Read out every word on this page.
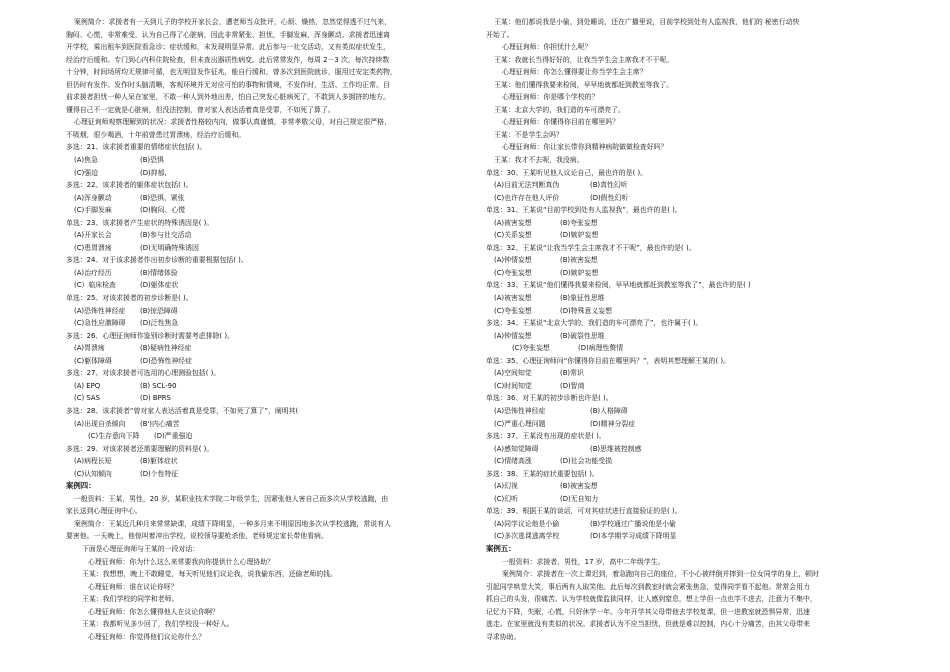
案例简介：求援者有一天到儿子的学校开家长会，遭老师当众批评，心烦、燥热，忽然觉得透不过气来，
胸闷、心慌，非常难受，认为自己得了心脏病，因此非常紧张、担忧，手脚发麻，浑身颤动。求援者迅速离
开学校，乘出租车到医院看急诊；症状缓和，未发现明显异常。此后参与一社交活动，又有类似症状发生，
经治疗后缓和。专门到心内科住院检查，但未查出器质性病变。此后常常发作，每周 2－3 次，每次持续数
十分钟，时间场所均无规律可循，也无明显发作征兆，能自行缓和，曾多次到医院就诊，服用过安定类药物，
但仍时有发作。发作时头脑清晰，客观环境并无对应可怕的事物和情境，不发作时，生活、工作均正常。目
前求援者担忧一种人呆在家里，不敢一种人到外地出差，怕自己突发心脏病死了，不敢到人多拥挤的地方。
懂得自己不一定就是心脏病，但没法控制，曾对家人表达活着真是受罪，不如死了算了。
心理征询师观察理解到的状况：求援者性格较内向，做事认真谨慎，非常孝敬父母，对自己规定很严格，
不吸烟，很少喝酒，十年前曾患过胃溃疡，经治疗后缓和。
多选：21、该求援者重要的情绪症状包括( )。
(A)焦急	(B)恐惧
(C)强迫	(D)抑郁,
多选：22、该求援者的躯体症状包括( )。
(A)浑身颤动	(B)恐惧、紧张
(C)手脚发麻	(D)胸闷、心慌
单选：23、该求援者产生症状的特殊诱因是( )。
(A)开家长会	(B)参与社交活动
(C)患胃溃疡	(D)无明确特殊诱因
多选：24、对于该求援者作出初步诊断的重要根据包括( )。
(A)治疗经历	(B)情绪体验
(C）临床检查	(D)躯体症状
单选：25、对该求援者的初步诊断是( )。
(A)恐怖性神经症 (B)惊恐障碍
(C)急性应激障碍 (D)泛性焦急
多选：26、心理征询师作鉴别诊断时需要考虑排除( )。
(A)胃溃疡	(B)疑病性神经症
(C)躯体障碍	(D)恐怖性神经症
多选：27、对该求援者可选用的心理测验包括( )。
(A) EPQ	(B) SCL-90
(C) SAS	(D) BPRS
多选：28、该求援者“曾对家人表达活着真是受罪，不如死了算了”，阐明其(
(A)出现自杀倾向 (B')内心痛苦
(C)生存意向下降 (D)严重强迫
多选：29、对该求援者还需要理解的资料是( )。
(A)病程长短	(B)躯体症状
(C)认知倾向	(D)个性特征
案例四：
一般资料：王某，男性，20 岁，某职业技术学院二年级学生，因紧张他人害自己而多次从学校逃跑，由
家长送到心理征询中心。
案例简介：王某近几种月来常常缺课，成绩下降明显，一种多月来不明原因地多次从学校逃跑，常说有人
要害他。一天晚上，他惊叫着冲出学校，说校领导要枪杀他，老师规定家长带他看病。
下面是心理征询师与王某的一段对话：
心理征询师：你为什么这么来常要我向你提供什么心理协助？
王某：我想想，晚上不敢睡觉，每天听见他们议论我，说我偷东西，还偷老师的钱。
心理征询师：谁在议论你呀？
王某：我们学校的同学和老师。
心理征询师：你怎么懂得他人在议论你啊？
王某：我都听见多少回了，我们学校没一种好人。
心理征询师：你觉得他们议论你什么？
王某：他们都说我是小偷，到处睡说，还在广播里说，目前学校到处有人监视我，他们的 秘密行动快
开始了。
心理征询师：你担忧什么呢？
王某：我就长当得好好的，让我当学生会主席我才不干呢。
心理征询师：你怎么懂得要让你当学生会主席？
王某：他们懂得我要来检阅，早早地就都赶到教室等我了。
心理征询师：你是哪个学校的？
王某：北京大学的，我们造的车可漂亮了。
心理征询师：你懂得你目前在哪里吗？
王某：不是学生会吗？
心理征询师：你让家长带你到精神病院做做检查好吗？
王某：我才不去呢，我没病。
单选：30、王某听见他人议论自己，最也许的是( )。
(A)目前无法判断真伪	(B)真性幻听
(C)也许存在他人评价	(D)假性幻听
单选：31、王某说“目前学校到处有人监视我”，最也许的是( )。
(A)被害妄想	(B)夸张妄想
(C)关系妄想	(D)嫉妒妄想
单选：32、王某说“让我当学生会主席我才不干呢”，最也许的是( )。
(A)钟情妄想	(B)被害妄想
(C)夸张妄想	(D)嫉妒妄想
单选：33、王某说“他们懂得我要来检阅，早早地就都赶到教室等我了”，最也许的是( )
(A)被害妄想	(B)象征性思维
(C)夸张妄想	(D)特殊意义妄想
多选：34、王某说“北京大学的，我们造的车可漂亮了”，也许属于( )。
(A)钟情妄想	(B)破裂性思维
(C)夸张妄想	(D)病理性赘情
单选：35、心理征询师问“你懂得你目前在哪里吗？”，表明其想理解王某的( )。
(A)空间知觉	(B)常识
(C)时间知觉	(D)智商
单选：36、对王某的初步诊断也许是( )。
(A)恐怖性神经症	(B)人格障碍
(C)严重心理问题	(D)精神分裂症
多选：37、王某没有出现的症状是( )。
(A)感知觉障碍	(B)思维被控制感
(C)情绪高涨	(D)社会功能受损
多选：38、王某的症状重要包括( )。
(A)幻视	(B)被害妄想
(C)幻听	(D)无自知力
单选：39、根据王某的谈话，可对其症状进行直接验证的是( )。
(A)同学议论他是小偷	(B)学校通过广播说他是小偷
(C)多次逃课逃离学校	(D)本学期学习成绩下降明显
案例五：
一般资料：求援者，男性，17 岁，高中二年级学生。
案例简介：求援者在一次上课迟到，着急跑向自己的座位，不小心被绊倒并摔到一位女同学的身上，顿时
引起同学哄堂大笑，事后两有人取笑他。此后每次到教室时就会紧张焦急，觉得同学看不起他。常常会用力
抓自己的头发，很痛苦。认为学校就像监狱同样，让人感到窒息，想上学但一点也学不进去，注意力不集中，
记忆力下降，失眠，心慌，只好休学一年。今年开学其父母带他去学校复课，但一进教室就恐惧异常，迅速
逃走。在家里就没有类似的状况。求援者认为不应当担忧，但就是难以控制，内心十分痛苦，由其父母带来
寻求协助。
